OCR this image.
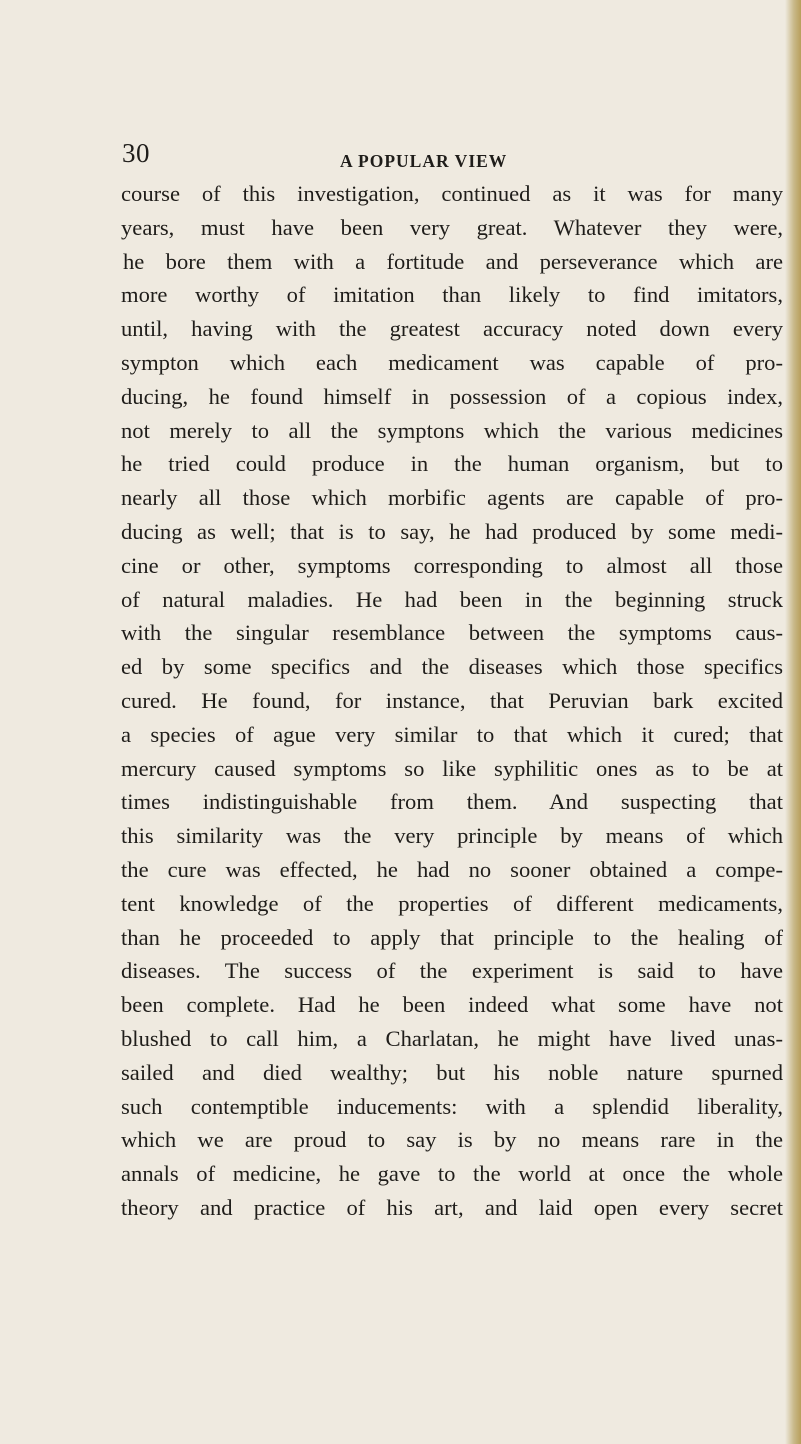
30	A POPULAR VIEW
course of this investigation, continued as it was for many
years, must have been very great. Whatever they were,
he bore them with a fortitude and perseverance which are
more worthy of imitation than likely to find imitators,
until, having with the greatest accuracy noted down every
sympton which each medicament was capable of pro-
ducing, he found himself in possession of a copious index,
not merely to all the symptons which the various medicines
he tried could produce in the human organism, but to
nearly all those which morbific agents are capable of pro-
ducing as well; that is to say, he had produced by some medi-
cine or other, symptoms corresponding to almost all those
of natural maladies. He had been in the beginning struck
with the singular resemblance between the symptoms caus-
ed by some specifics and the diseases which those specifics
cured. He found, for instance, that Peruvian bark excited
a species of ague very similar to that which it cured; that
mercury caused symptoms so like syphilitic ones as to be at
times indistinguishable from them. And suspecting that
this similarity was the very principle by means of which
the cure was effected, he had no sooner obtained a compe-
tent knowledge of the properties of different medicaments,
than he proceeded to apply that principle to the healing of
diseases. The success of the experiment is said to have
been complete. Had he been indeed what some have not
blushed to call him, a Charlatan, he might have lived unas-
sailed and died wealthy; but his noble nature spurned
such contemptible inducements: with a splendid liberality,
which we are proud to say is by no means rare in the
annals of medicine, he gave to the world at once the whole
theory and practice of his art, and laid open every secret
